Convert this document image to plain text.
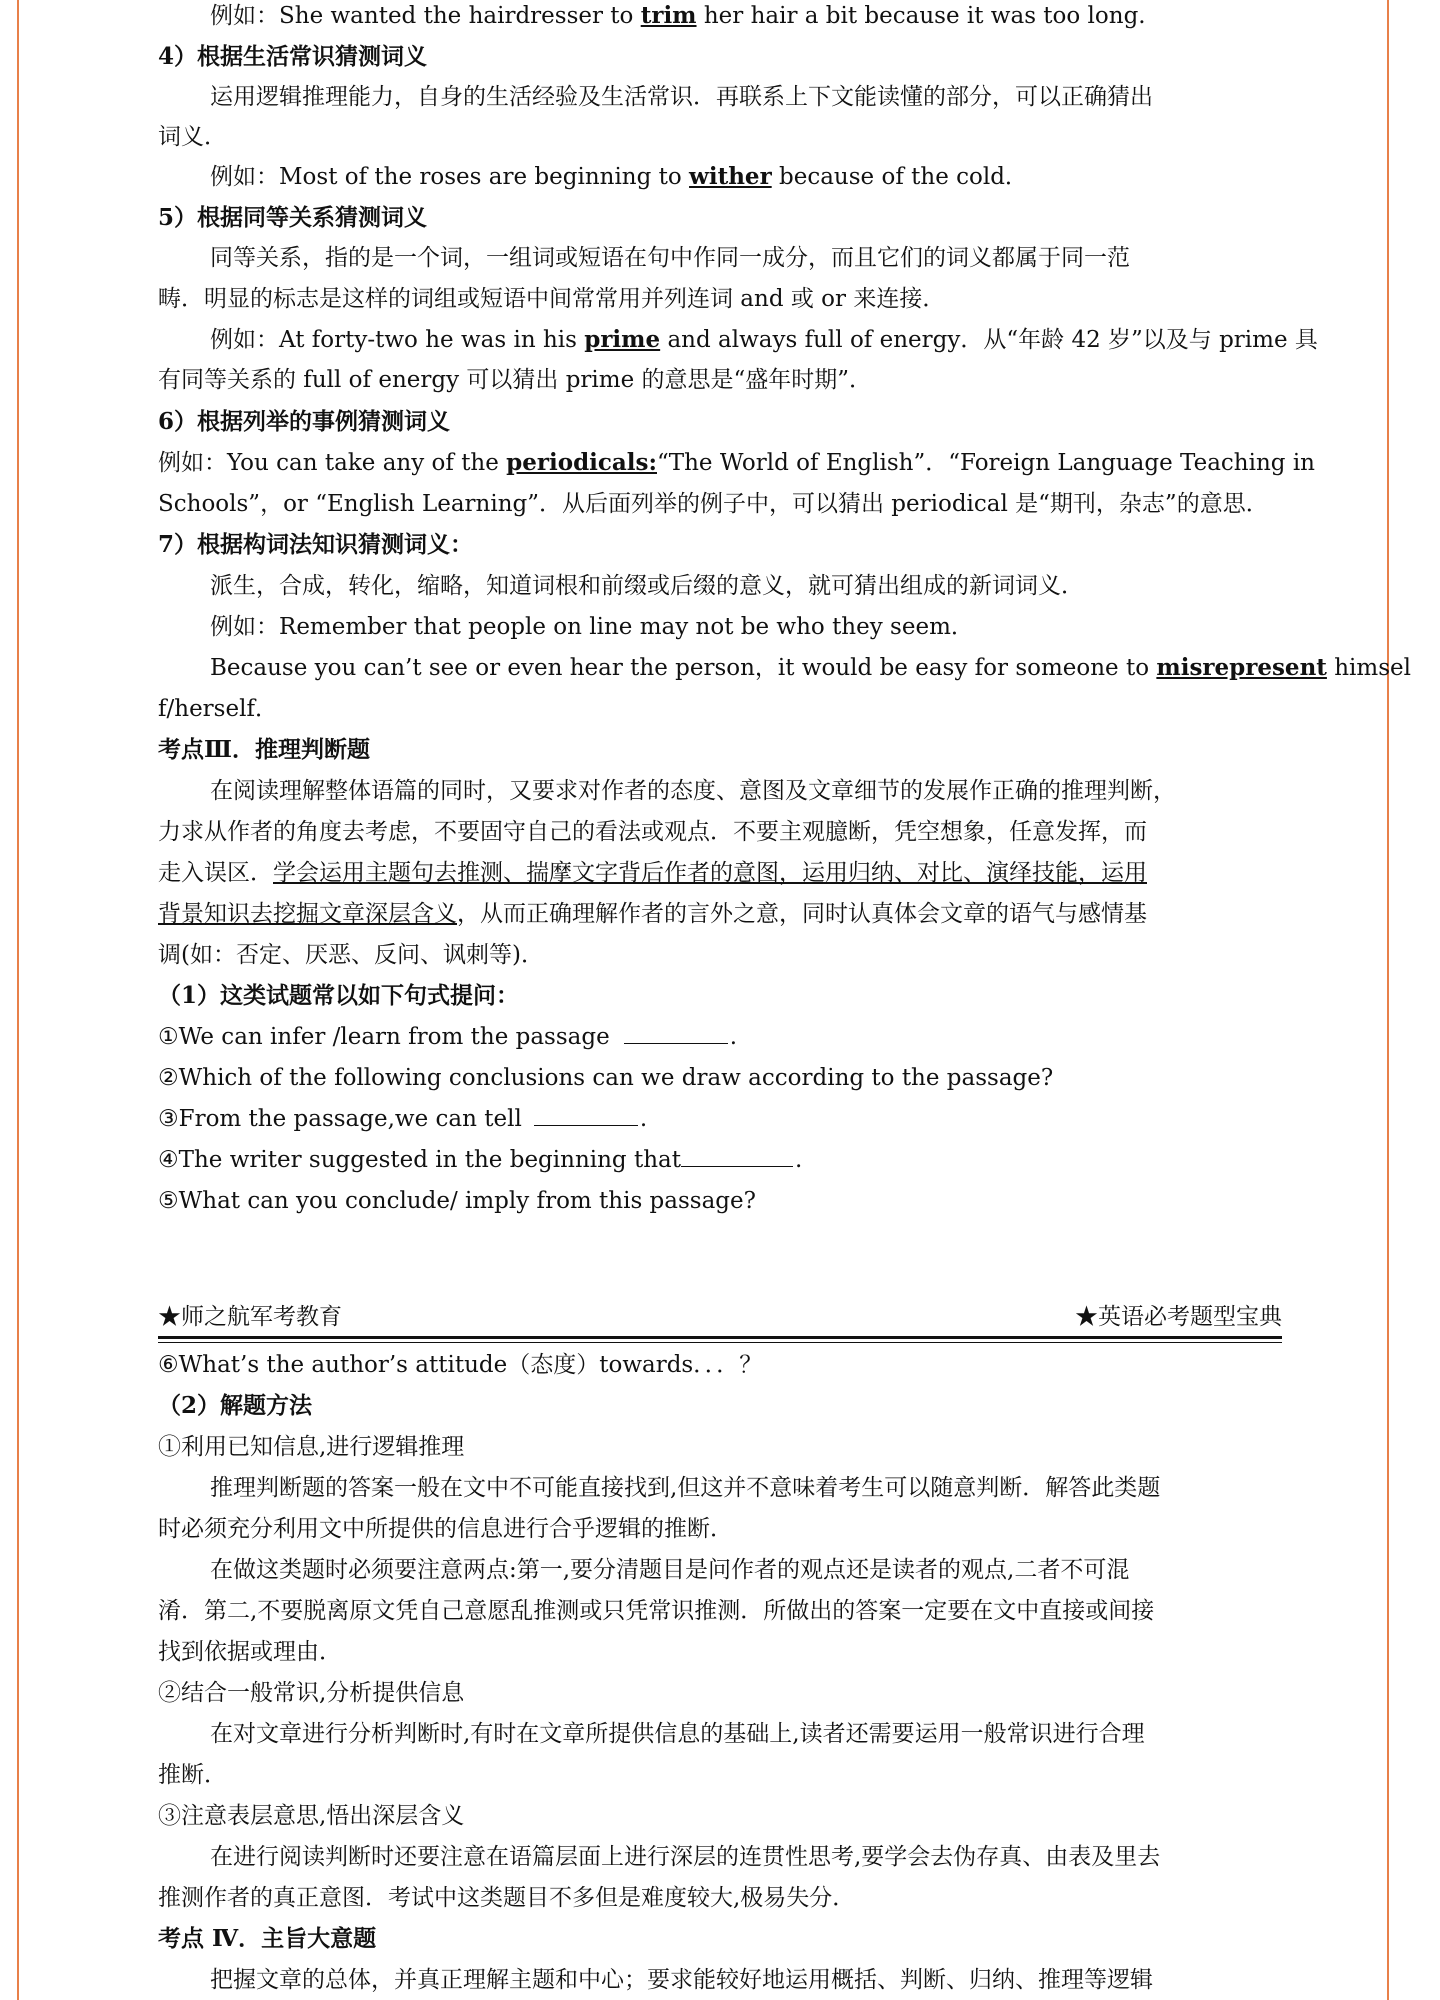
例如：She wanted the hairdresser to trim her hair a bit because it was too long.
4）根据生活常识猜测词义
运用逻辑推理能力，自身的生活经验及生活常识．再联系上下文能读懂的部分，可以正确猜出
词义．
例如：Most of the roses are beginning to wither because of the cold．
5）根据同等关系猜测词义
同等关系，指的是一个词，一组词或短语在句中作同一成分，而且它们的词义都属于同一范
畴．明显的标志是这样的词组或短语中间常常用并列连词 and 或 or 来连接．
例如：At forty-two he was in his prime and always full of energy．从“年龄 42 岁”以及与 prime 具
有同等关系的 full of energy 可以猜出 prime 的意思是“盛年时期”．
6）根据列举的事例猜测词义
例如：You can take any of the periodicals:“The World of English”．“Foreign Language Teaching in
Schools”，or “English Learning”．从后面列举的例子中，可以猜出 periodical 是“期刊，杂志”的意思．
7）根据构词法知识猜测词义：
派生，合成，转化，缩略，知道词根和前缀或后缀的意义，就可猜出组成的新词词义．
例如：Remember that people on line may not be who they seem．
Because you can’t see or even hear the person，it would be easy for someone to misrepresent himsel
f/herself．
考点Ⅲ．推理判断题
在阅读理解整体语篇的同时，又要求对作者的态度、意图及文章细节的发展作正确的推理判断，
力求从作者的角度去考虑，不要固守自己的看法或观点．不要主观臆断，凭空想象，任意发挥，而
走入误区．学会运用主题句去推测、揣摩文字背后作者的意图，运用归纳、对比、演绎技能，运用
背景知识去挖掘文章深层含义，从而正确理解作者的言外之意，同时认真体会文章的语气与感情基
调(如：否定、厌恶、反问、讽刺等)．
（1）这类试题常以如下句式提问：
①We can infer /learn from the passage	.
②Which of the following conclusions can we draw according to the passage?
③From the passage,we can tell	.
④The writer suggested in the beginning that	.
⑤What can you conclude/ imply from this passage?
★师之航军考教育	★英语必考题型宝典
⑥What’s the author’s attitude（态度）towards．．．？
（2）解题方法
①利用已知信息,进行逻辑推理
推理判断题的答案一般在文中不可能直接找到,但这并不意味着考生可以随意判断．解答此类题
时必须充分利用文中所提供的信息进行合乎逻辑的推断．
在做这类题时必须要注意两点:第一,要分清题目是问作者的观点还是读者的观点,二者不可混
淆．第二,不要脱离原文凭自己意愿乱推测或只凭常识推测．所做出的答案一定要在文中直接或间接
找到依据或理由．
②结合一般常识,分析提供信息
在对文章进行分析判断时,有时在文章所提供信息的基础上,读者还需要运用一般常识进行合理
推断．
③注意表层意思,悟出深层含义
在进行阅读判断时还要注意在语篇层面上进行深层的连贯性思考,要学会去伪存真、由表及里去
推测作者的真正意图．考试中这类题目不多但是难度较大,极易失分．
考点 Ⅳ．主旨大意题
把握文章的总体，并真正理解主题和中心；要求能较好地运用概括、判断、归纳、推理等逻辑
